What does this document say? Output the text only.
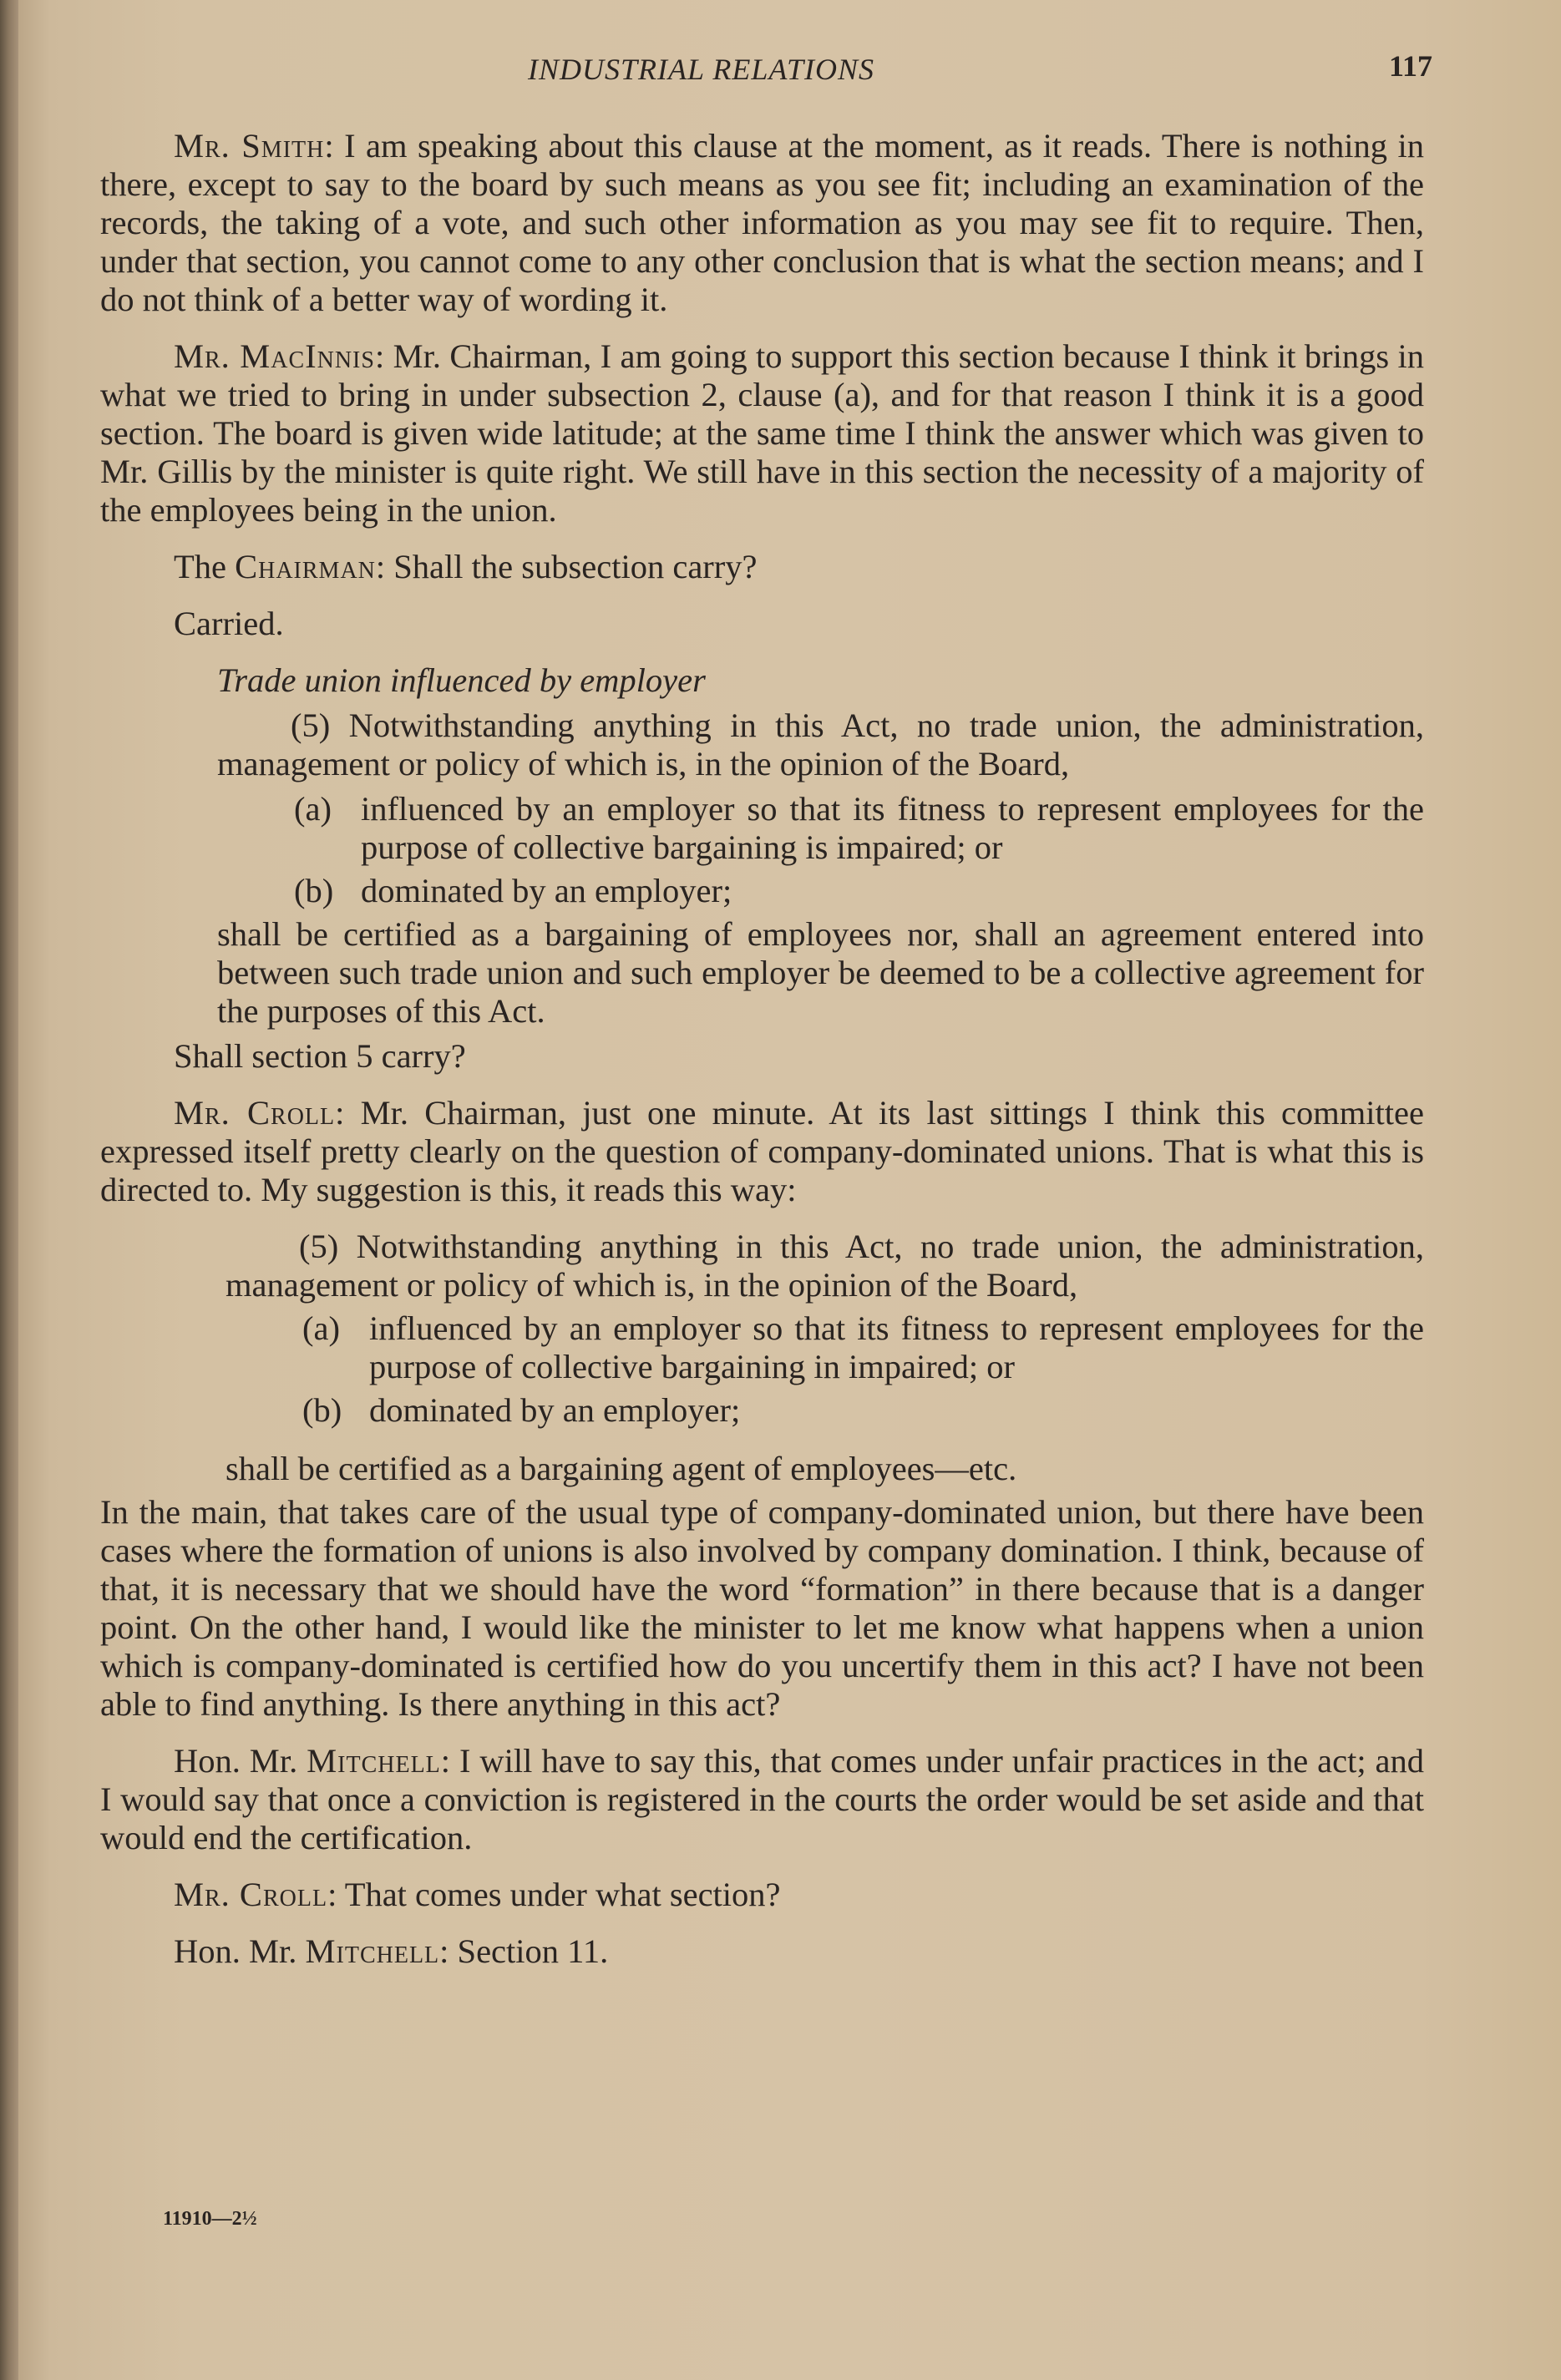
INDUSTRIAL RELATIONS	117

Mr. Smith: I am speaking about this clause at the moment, as it reads. There is nothing in there, except to say to the board by such means as you see fit; including an examination of the records, the taking of a vote, and such other information as you may see fit to require. Then, under that section, you cannot come to any other conclusion that is what the section means; and I do not think of a better way of wording it.

Mr. MacInnis: Mr. Chairman, I am going to support this section because I think it brings in what we tried to bring in under subsection 2, clause (a), and for that reason I think it is a good section. The board is given wide latitude; at the same time I think the answer which was given to Mr. Gillis by the minister is quite right. We still have in this section the necessity of a majority of the employees being in the union.

The Chairman: Shall the subsection carry?

Carried.

Trade union influenced by employer

(5) Notwithstanding anything in this Act, no trade union, the administration, management or policy of which is, in the opinion of the Board,

(a) influenced by an employer so that its fitness to represent employees for the purpose of collective bargaining is impaired; or
(b) dominated by an employer;

shall be certified as a bargaining of employees nor, shall an agreement entered into between such trade union and such employer be deemed to be a collective agreement for the purposes of this Act.

Shall section 5 carry?

Mr. Croll: Mr. Chairman, just one minute. At its last sittings I think this committee expressed itself pretty clearly on the question of company-dominated unions. That is what this is directed to. My suggestion is this, it reads this way:

(5) Notwithstanding anything in this Act, no trade union, the administration, management or policy of which is, in the opinion of the Board,

(a) influenced by an employer so that its fitness to represent employees for the purpose of collective bargaining in impaired; or
(b) dominated by an employer;

shall be certified as a bargaining agent of employees—etc.

In the main, that takes care of the usual type of company-dominated union, but there have been cases where the formation of unions is also involved by company domination. I think, because of that, it is necessary that we should have the word “formation” in there because that is a danger point. On the other hand, I would like the minister to let me know what happens when a union which is company-dominated is certified how do you uncertify them in this act? I have not been able to find anything. Is there anything in this act?

Hon. Mr. Mitchell: I will have to say this, that comes under unfair practices in the act; and I would say that once a conviction is registered in the courts the order would be set aside and that would end the certification.

Mr. Croll: That comes under what section?

Hon. Mr. Mitchell: Section 11.

11910—2½
